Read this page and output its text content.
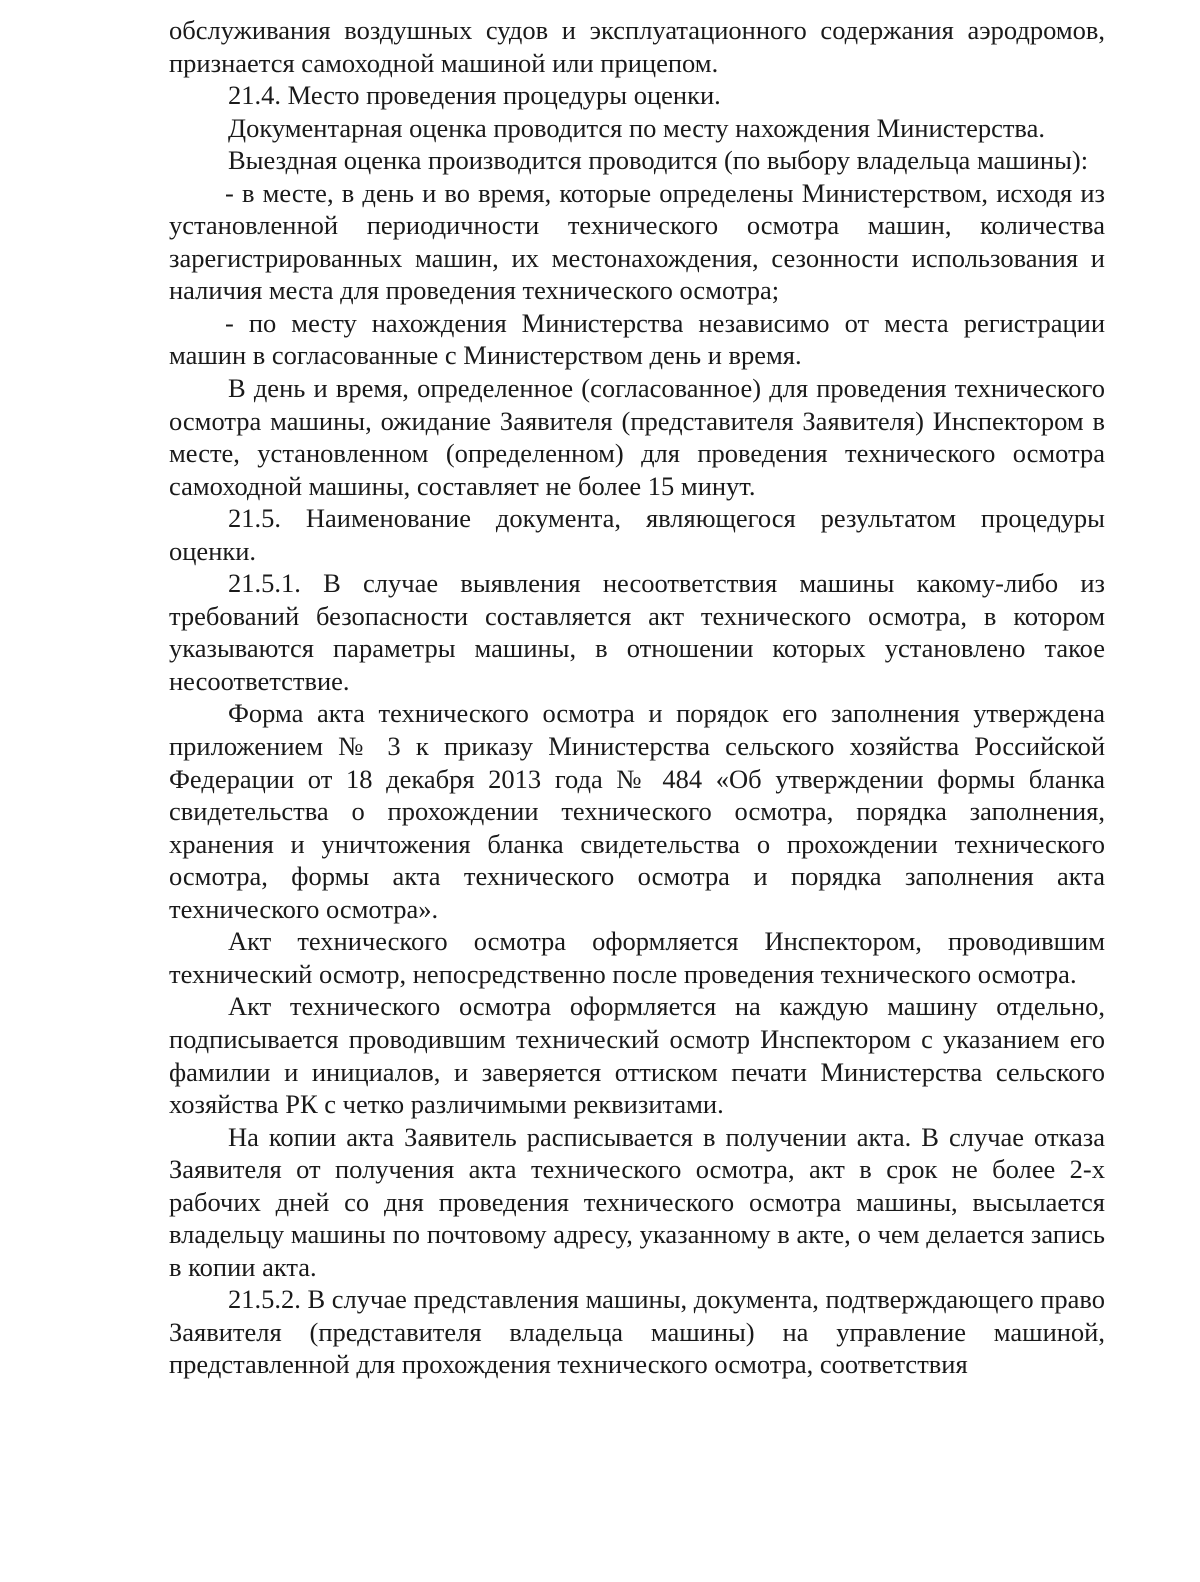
обслуживания воздушных судов и эксплуатационного содержания аэродромов, признается самоходной машиной или прицепом.

21.4. Место проведения процедуры оценки.

Документарная оценка проводится по месту нахождения Министерства.

Выездная оценка производится проводится (по выбору владельца машины):

- в месте, в день и во время, которые определены Министерством, исходя из установленной периодичности технического осмотра машин, количества зарегистрированных машин, их местонахождения, сезонности использования и наличия места для проведения технического осмотра;

- по месту нахождения Министерства независимо от места регистрации машин в согласованные с Министерством день и время.

В день и время, определенное (согласованное) для проведения технического осмотра машины, ожидание Заявителя (представителя Заявителя) Инспектором в месте, установленном (определенном) для проведения технического осмотра самоходной машины, составляет не более 15 минут.

21.5. Наименование документа, являющегося результатом процедуры оценки.

21.5.1. В случае выявления несоответствия машины какому-либо из требований безопасности составляется акт технического осмотра, в котором указываются параметры машины, в отношении которых установлено такое несоответствие.

Форма акта технического осмотра и порядок его заполнения утверждена приложением № 3 к приказу Министерства сельского хозяйства Российской Федерации от 18 декабря 2013 года № 484 «Об утверждении формы бланка свидетельства о прохождении технического осмотра, порядка заполнения, хранения и уничтожения бланка свидетельства о прохождении технического осмотра, формы акта технического осмотра и порядка заполнения акта технического осмотра».

Акт технического осмотра оформляется Инспектором, проводившим технический осмотр, непосредственно после проведения технического осмотра.

Акт технического осмотра оформляется на каждую машину отдельно, подписывается проводившим технический осмотр Инспектором с указанием его фамилии и инициалов, и заверяется оттиском печати Министерства сельского хозяйства РК с четко различимыми реквизитами.

На копии акта Заявитель расписывается в получении акта. В случае отказа Заявителя от получения акта технического осмотра, акт в срок не более 2-х рабочих дней со дня проведения технического осмотра машины, высылается владельцу машины по почтовому адресу, указанному в акте, о чем делается запись в копии акта.

21.5.2. В случае представления машины, документа, подтверждающего право Заявителя (представителя владельца машины) на управление машиной, представленной для прохождения технического осмотра, соответствия
